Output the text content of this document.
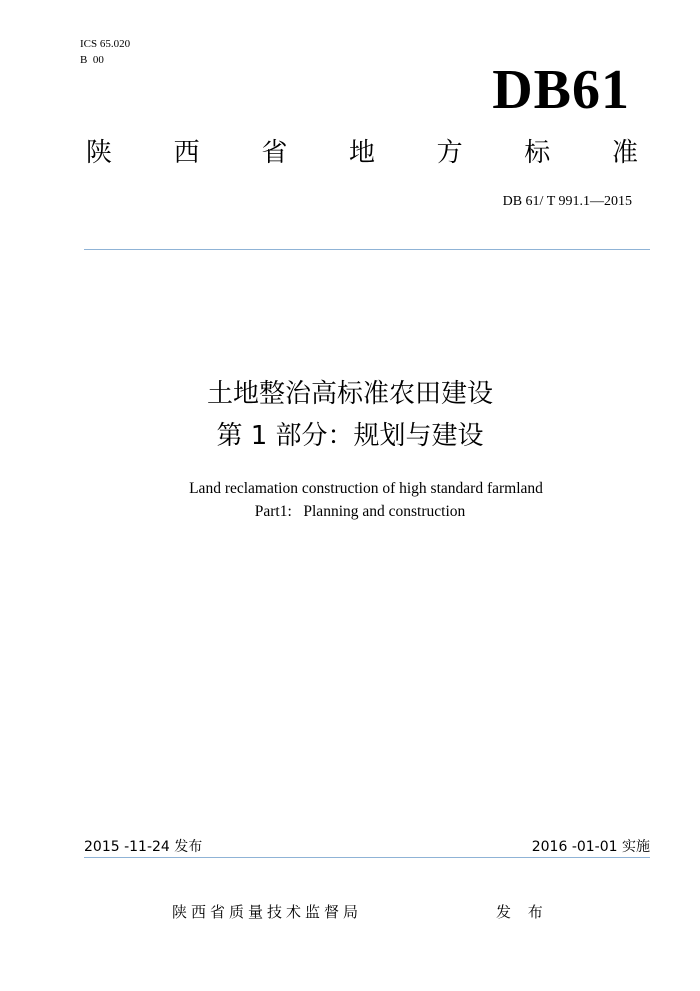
ICS 65.020
B  00	DB61
陕 西 省 地 方 标 准
DB 61/ T 991.1—2015
土地整治高标准农田建设
第 1 部分：规划与建设
Land reclamation construction of high standard farmland
Part1:   Planning and construction
2015 -11-24 发布	2016 -01-01 实施
陕西省质量技术监督局	发 布
